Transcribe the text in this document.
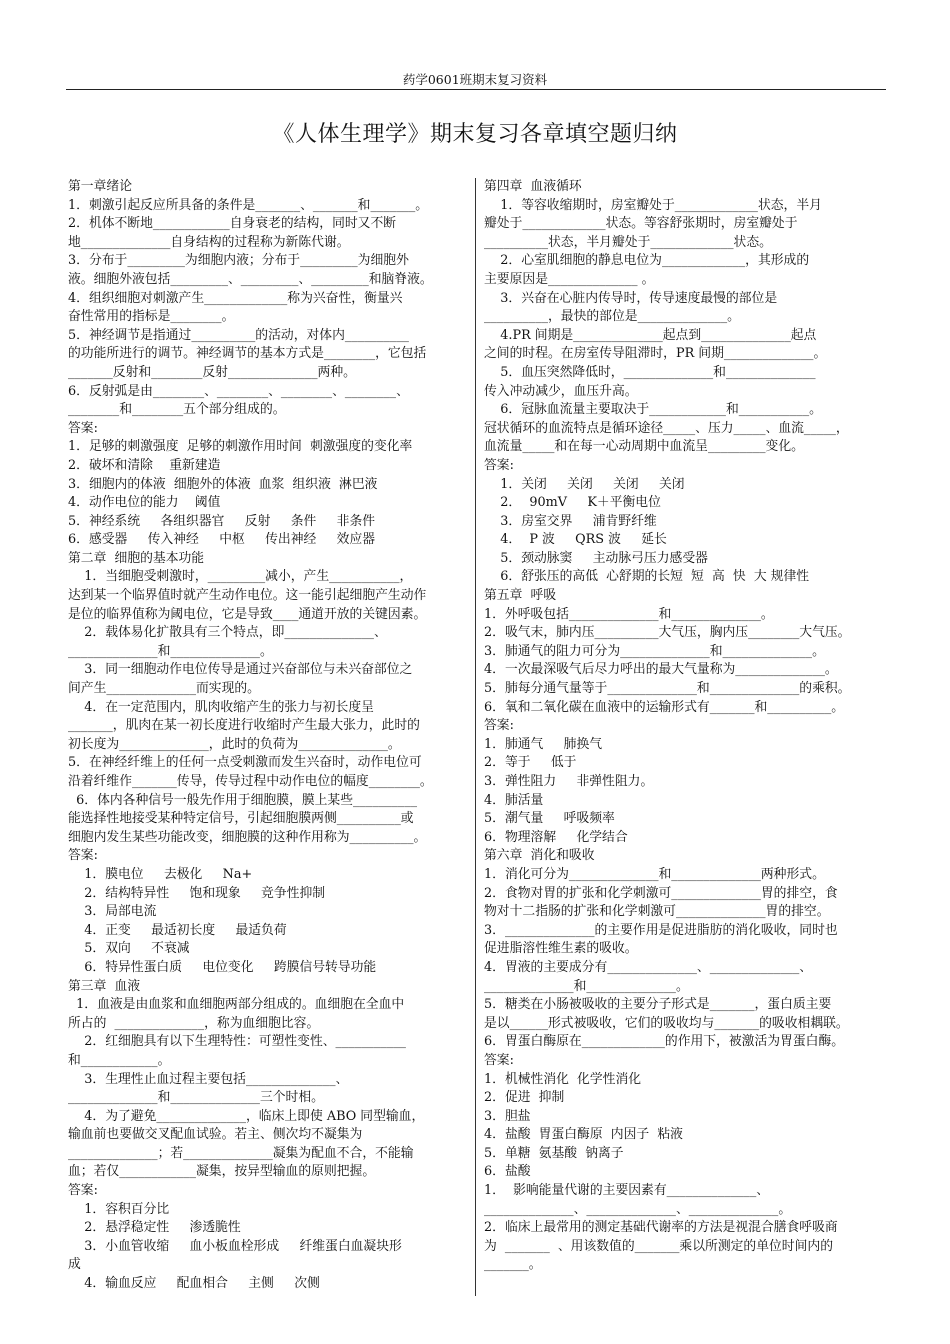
药学0601班期末复习资料
《人体生理学》期末复习各章填空题归纳
第一章绪论
1．刺激引起反应所具备的条件是_______、_______和_______。
2．机体不断地____________自身衰老的结构，同时又不断
地______________自身结构的过程称为新陈代谢。
3．分布于_________为细胞内液；分布于_________为细胞外
液。细胞外液包括_________、_________、_________和脑脊液。
4．组织细胞对刺激产生_____________称为兴奋性，衡量兴
奋性常用的指标是________。
5．神经调节是指通过__________的活动，对体内__________
的功能所进行的调节。神经调节的基本方式是________，它包括
_______反射和________反射______________两种。
6．反射弧是由________、________、________、________、
________和________五个部分组成的。
答案:
1．足够的刺激强度  足够的刺激作用时间  刺激强度的变化率
2．破坏和清除    重新建造
3．细胞内的体液  细胞外的体液  血浆  组织液  淋巴液
4．动作电位的能力    阈值
5．神经系统     各组织器官     反射     条件     非条件
6．感受器     传入神经     中枢     传出神经     效应器
第二章  细胞的基本功能
1．当细胞受刺激时，_________减小，产生___________，
达到某一个临界值时就产生动作电位。这一能引起细胞产生动作
是位的临界值称为阈电位，它是导致____通道开放的关键因素。
2．载体易化扩散具有三个特点，即______________、
______________和______________。
3．同一细胞动作电位传导是通过兴奋部位与未兴奋部位之
间产生______________而实现的。
4．在一定范围内，肌肉收缩产生的张力与初长度呈
_______，肌肉在某一初长度进行收缩时产生最大张力，此时的
初长度为______________，此时的负荷为______________。
5．在神经纤维上的任何一点受刺激而发生兴奋时，动作电位可
沿着纤维作_______传导，传导过程中动作电位的幅度________。
6．体内各种信号一般先作用于细胞膜，膜上某些__________
能选择性地接受某种特定信号，引起细胞膜两侧__________或
细胞内发生某些功能改变，细胞膜的这种作用称为__________。
答案:
1．膜电位     去极化     Na+
2．结构特异性     饱和现象     竞争性抑制
3．局部电流
4．正变     最适初长度     最适负荷
5．双向     不衰减
6．特异性蛋白质     电位变化     跨膜信号转导功能
第三章  血液
1．血液是由血浆和血细胞两部分组成的。血细胞在全血中
所占的  ______________，称为血细胞比容。
2．红细胞具有以下生理特性：可塑性变性、___________
和____________。
3．生理性止血过程主要包括______________、
______________和______________三个时相。
4．为了避免______________，临床上即使 ABO 同型输血，
输血前也要做交叉配血试验。若主、侧次均不凝集为
______________；若______________凝集为配血不合，不能输
血；若仅____________凝集，按异型输血的原则把握。
答案:
1．容积百分比
2．悬浮稳定性     渗透脆性
3．小血管收缩     血小板血栓形成     纤维蛋白血凝块形
成
4．输血反应     配血相合     主侧     次侧
第四章  血液循环
1．等容收缩期时，房室瓣处于_____________状态，半月
瓣处于_____________状态。等容舒张期时，房室瓣处于
__________状态，半月瓣处于_____________状态。
2．心室肌细胞的静息电位为_____________，其形成的
主要原因是______________ 。
3．兴奋在心脏内传导时，传导速度最慢的部位是
__________，最快的部位是______________。
4.PR 间期是______________起点到______________起点
之间的时程。在房室传导阻滞时，PR 间期______________。
5．血压突然降低时，______________和______________
传入冲动减少，血压升高。
6．冠脉血流量主要取决于____________和___________。
冠状循环的血流特点是循环途径_____、压力_____、血流_____，
血流量_____和在每一心动周期中血流呈_________变化。
答案:
1．关闭     关闭     关闭     关闭
2．  90mV     K＋平衡电位
3．房室交界     浦肯野纤维
4．  P 波     QRS 波     延长
5．颈动脉窦     主动脉弓压力感受器
6．舒张压的高低  心舒期的长短  短  高  快  大 规律性
第五章  呼吸
1．外呼吸包括______________和______________。
2．吸气末，肺内压__________大气压，胸内压________大气压。
3．肺通气的阻力可分为______________和______________。
4．一次最深吸气后尽力呼出的最大气量称为______________。
5．肺每分通气量等于______________和______________的乘积。
6．氧和二氧化碳在血液中的运输形式有_______和__________。
答案:
1．肺通气     肺换气
2．等于     低于
3．弹性阻力     非弹性阻力。
4．肺活量
5．潮气量     呼吸频率
6．物理溶解     化学结合
第六章  消化和吸收
1．消化可分为______________和______________两种形式。
2．食物对胃的扩张和化学刺激可______________胃的排空，食
物对十二指肠的扩张和化学刺激可______________胃的排空。
3．______________的主要作用是促进脂肪的消化吸收，同时也
促进脂溶性维生素的吸收。
4．胃液的主要成分有______________、______________、
______________和______________。
5．糖类在小肠被吸收的主要分子形式是_______，蛋白质主要
是以______形式被吸收，它们的吸收均与_______的吸收相耦联。
6．胃蛋白酶原在_____________的作用下，被激活为胃蛋白酶。
答案:
1．机械性消化  化学性消化
2．促进  抑制
3．胆盐
4．盐酸  胃蛋白酶原  内因子  粘液
5．单糖  氨基酸  钠离子
6．盐酸
1．  影响能量代谢的主要因素有______________、
______________、______________、______________。
2．临床上最常用的测定基础代谢率的方法是视混合膳食呼吸商
为  _______  、用该数值的_______乘以所测定的单位时间内的
_______。
